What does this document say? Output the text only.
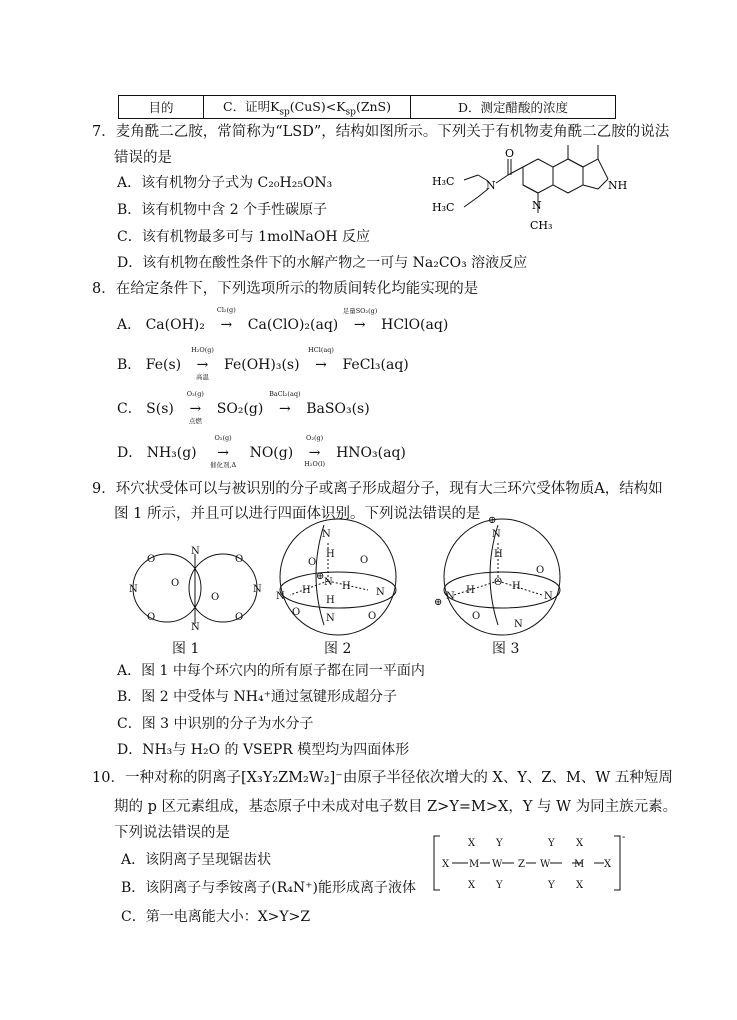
目的	C．证明$K_{sp}(CuS)<K_{sp}(ZnS)$	D．测定醋酸的浓度
7．麦角酰二乙胺，常简称为“LSD”，结构如图所示。下列关于有机物麦角酰二乙胺的说法
错误的是
A．该有机物分子式为 C₂₀H₂₅ON₃
B．该有机物中含 2 个手性碳原子
C．该有机物最多可与 1molNaOH 反应
D．该有机物在酸性条件下的水解产物之一可与 Na₂CO₃ 溶液反应
H₃C	N
O
H₃C	N
CH₃
NH
8．在给定条件下，下列选项所示的物质间转化均能实现的是
A． Ca(OH)₂
Cl₂(g)
→ Ca(ClO)₂(aq)
足量SO₂(g)
→ HClO(aq)
B． Fe(s)
H₂O(g)
→
高温
Fe(OH)₃(s)
HCl(aq)
→ FeCl₃(aq)
C． S(s)
O₂(g)
→
点燃
SO₂(g)
BaCl₂(aq)
→ BaSO₃(s)
D． NH₃(g)
O₂(g)
→
催化剂,Δ
NO(g)
O₂(g)
→
H₂O(l)
HNO₃(aq)
9．环穴状受体可以与被识别的分子或离子形成超分子，现有大三环穴受体物质A，结构如
图 1 所示，并且可以进行四面体识别。下列说法错误的是
N
N
N	N
O
O
O
O
O
O
图 1
N
N
N	N
N
⊕
H
H
H
H
O	O
O	O
图 2
N
O
N	N
N
⊕
⊕
H
H	H
O
O
图 3
A．图 1 中每个环穴内的所有原子都在同一平面内
B．图 2 中受体与 NH₄⁺通过氢键形成超分子
C．图 3 中识别的分子为水分子
D．NH₃与 H₂O 的 VSEPR 模型均为四面体形
10．一种对称的阴离子[X₃Y₂ZM₂W₂]⁻由原子半径依次增大的 X、Y、Z、M、W 五种短周
期的 p 区元素组成，基态原子中未成对电子数目 Z>Y=M>X，Y 与 W 为同主族元素。
下列说法错误的是
A．该阴离子呈现锯齿状
B．该阴离子与季铵离子(R₄N⁺)能形成离子液体
C．第一电离能大小：X>Y>Z
X Y	Y X
X M W Z W M X
X Y	Y X
-
